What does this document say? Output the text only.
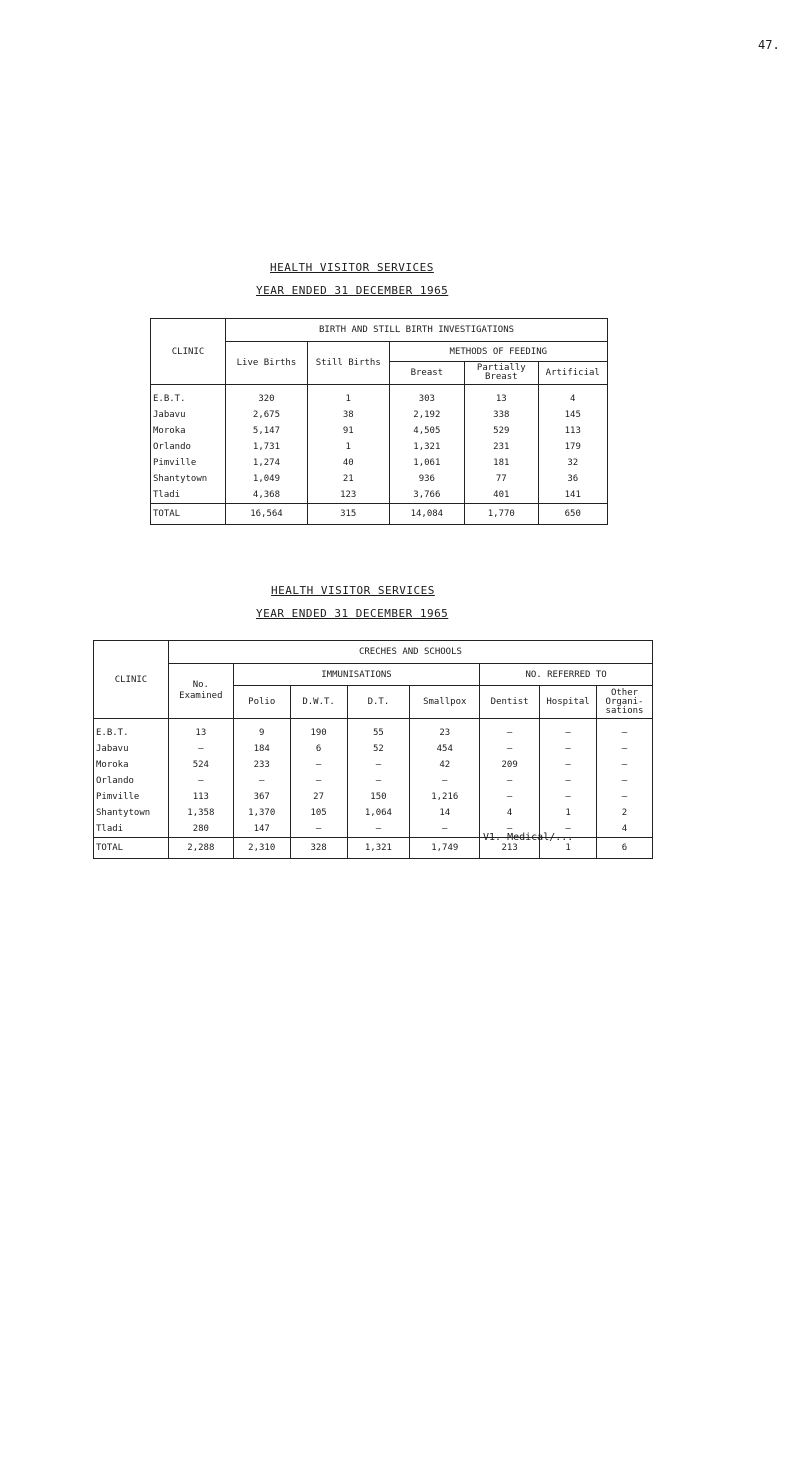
47.
HEALTH VISITOR SERVICES
YEAR ENDED 31 DECEMBER 1965
CLINIC	BIRTH AND STILL BIRTH INVESTIGATIONS				
	Live Births	Still Births	METHODS OF FEEDING		
			Breast	Partially Breast	Artificial
E.B.T.	320	1	303	13	4
Jabavu	2,675	38	2,192	338	145
Moroka	5,147	91	4,505	529	113
Orlando	1,731	1	1,321	231	179
Pimville	1,274	40	1,061	181	32
Shantytown	1,049	21	936	77	36
Tladi	4,368	123	3,766	401	141
TOTAL	16,564	315	14,084	1,770	650
HEALTH VISITOR SERVICES
YEAR ENDED 31 DECEMBER 1965
CLINIC	CRECHES AND SCHOOLS							
	No. Examined	IMMUNISATIONS				NO. REFERRED TO		
		Polio	D.W.T.	D.T.	Smallpox	Dentist	Hospital	Other Organi- sations
E.B.T.	13	9	190	55	23	–	–	–
Jabavu	–	184	6	52	454	–	–	–
Moroka	524	233	–	–	42	209	–	–
Orlando	–	–	–	–	–	–	–	–
Pimville	113	367	27	150	1,216	–	–	–
Shantytown	1,358	1,370	105	1,064	14	4	1	2
Tladi	280	147	–	–	–	–	–	4
TOTAL	2,288	2,310	328	1,321	1,749	213	1	6
V1. Medical/...
